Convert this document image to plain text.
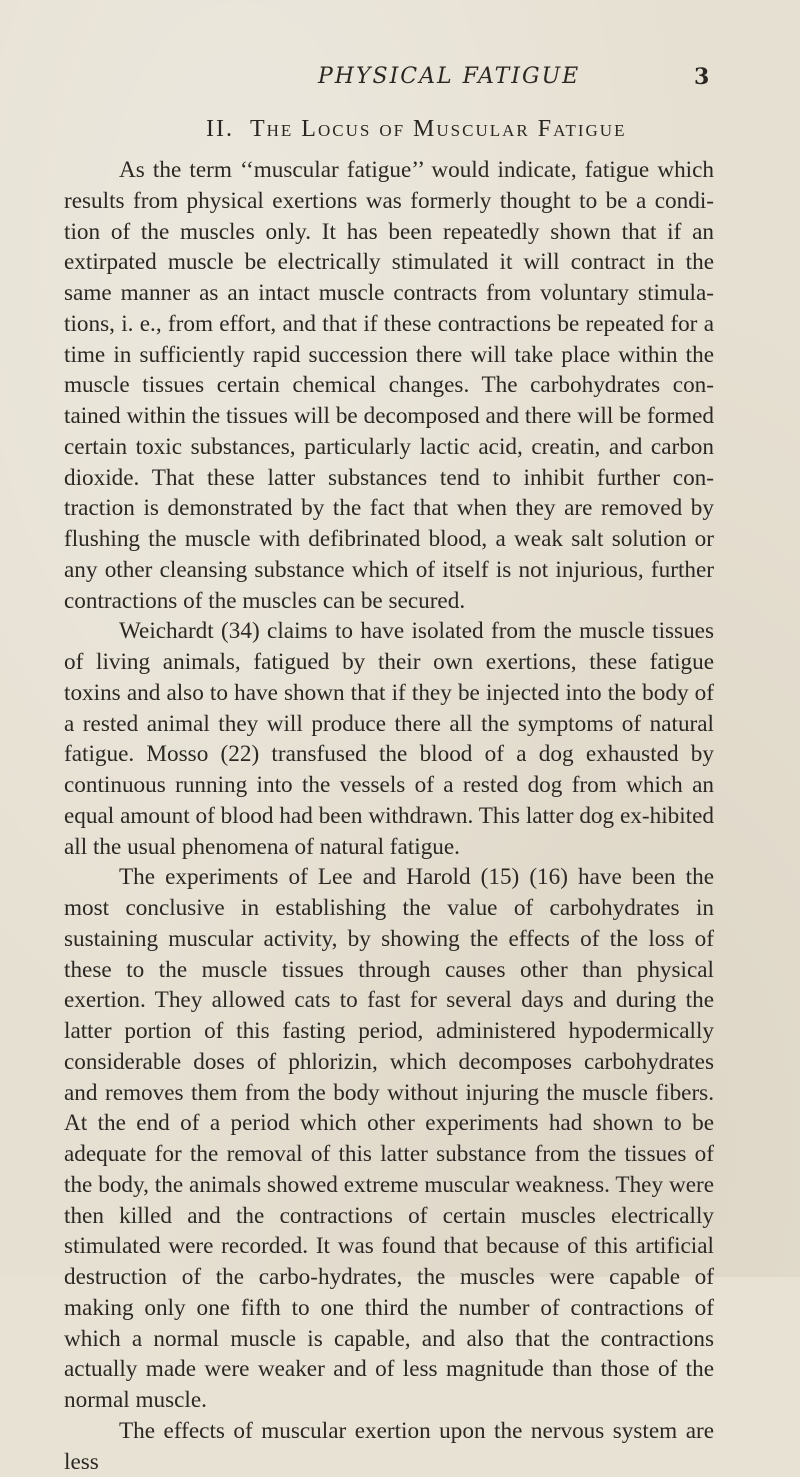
PHYSICAL FATIGUE	3
II. The Locus of Muscular Fatigue

As the term ‘‘muscular fatigue’’ would indicate, fatigue which results from physical exertions was formerly thought to be a condi-tion of the muscles only. It has been repeatedly shown that if an extirpated muscle be electrically stimulated it will contract in the same manner as an intact muscle contracts from voluntary stimula-tions, i. e., from effort, and that if these contractions be repeated for a time in sufficiently rapid succession there will take place within the muscle tissues certain chemical changes. The carbohydrates con-tained within the tissues will be decomposed and there will be formed certain toxic substances, particularly lactic acid, creatin, and carbon dioxide. That these latter substances tend to inhibit further con-traction is demonstrated by the fact that when they are removed by flushing the muscle with defibrinated blood, a weak salt solution or any other cleansing substance which of itself is not injurious, further contractions of the muscles can be secured.

Weichardt (34) claims to have isolated from the muscle tissues of living animals, fatigued by their own exertions, these fatigue toxins and also to have shown that if they be injected into the body of a rested animal they will produce there all the symptoms of natural fatigue. Mosso (22) transfused the blood of a dog exhausted by continuous running into the vessels of a rested dog from which an equal amount of blood had been withdrawn. This latter dog ex-hibited all the usual phenomena of natural fatigue.

The experiments of Lee and Harold (15) (16) have been the most conclusive in establishing the value of carbohydrates in sustaining muscular activity, by showing the effects of the loss of these to the muscle tissues through causes other than physical exertion. They allowed cats to fast for several days and during the latter portion of this fasting period, administered hypodermically considerable doses of phlorizin, which decomposes carbohydrates and removes them from the body without injuring the muscle fibers. At the end of a period which other experiments had shown to be adequate for the removal of this latter substance from the tissues of the body, the animals showed extreme muscular weakness. They were then killed and the contractions of certain muscles electrically stimulated were recorded. It was found that because of this artificial destruction of the carbo-hydrates, the muscles were capable of making only one fifth to one third the number of contractions of which a normal muscle is capable, and also that the contractions actually made were weaker and of less magnitude than those of the normal muscle.

The effects of muscular exertion upon the nervous system are less
